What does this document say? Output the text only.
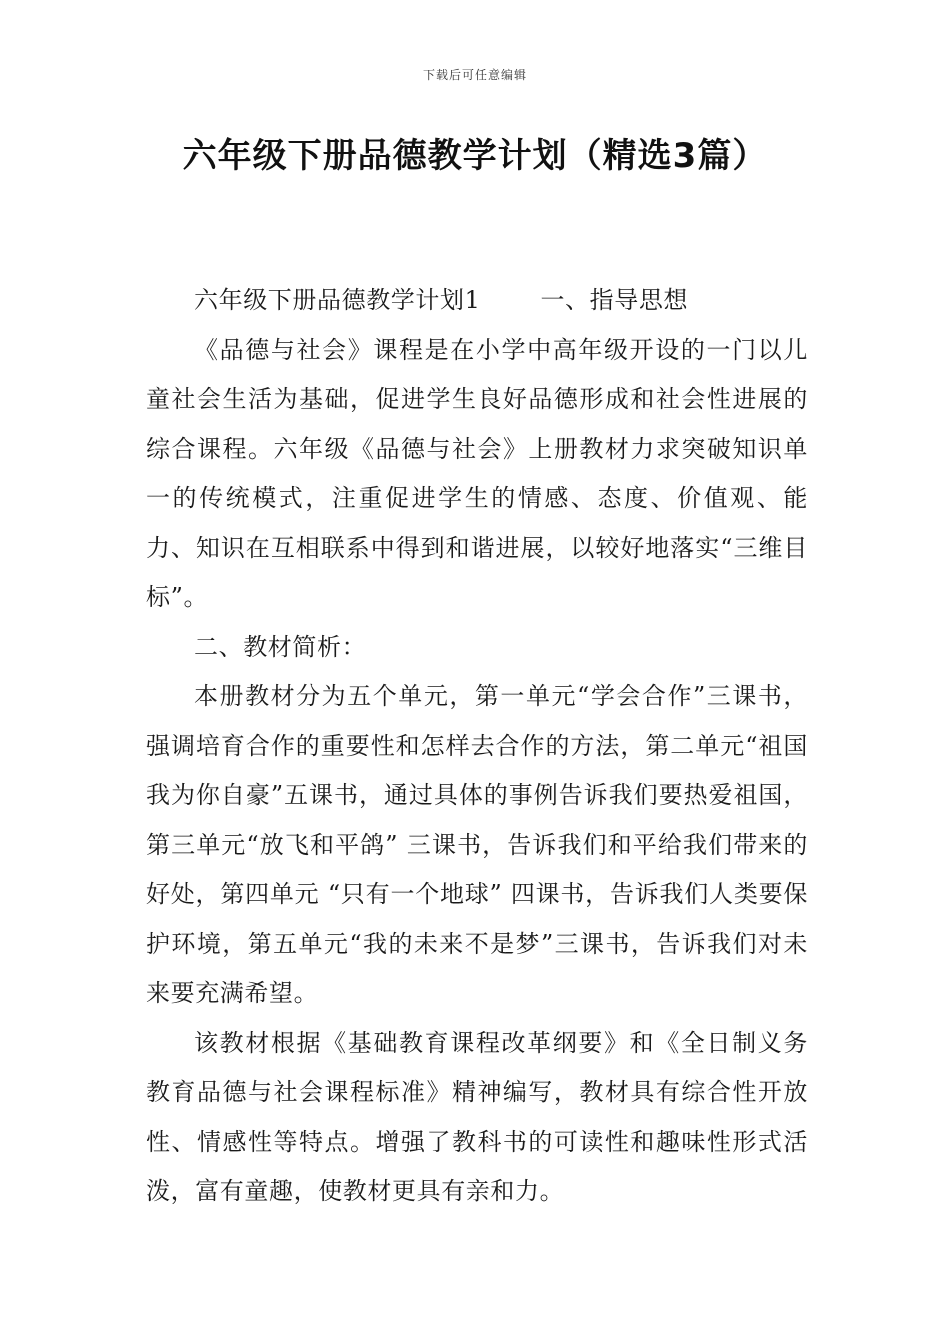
下载后可任意编辑
六年级下册品德教学计划（精选3篇）

六年级下册品德教学计划1	一、指导思想

《品德与社会》课程是在小学中高年级开设的一门以儿童社会生活为基础，促进学生良好品德形成和社会性进展的综合课程。六年级《品德与社会》上册教材力求突破知识单一的传统模式，注重促进学生的情感、态度、价值观、能力、知识在互相联系中得到和谐进展，以较好地落实“三维目标”。

二、教材简析：

本册教材分为五个单元，第一单元“学会合作”三课书，强调培育合作的重要性和怎样去合作的方法，第二单元“祖国 我为你自豪”五课书，通过具体的事例告诉我们要热爱祖国，第三单元“放飞和平鸽” 三课书，告诉我们和平给我们带来的好处，第四单元 “只有一个地球” 四课书，告诉我们人类要保护环境，第五单元“我的未来不是梦”三课书，告诉我们对未来要充满希望。

该教材根据《基础教育课程改革纲要》和《全日制义务教育品德与社会课程标准》精神编写，教材具有综合性开放性、情感性等特点。增强了教科书的可读性和趣味性形式活泼，富有童趣，使教材更具有亲和力。
